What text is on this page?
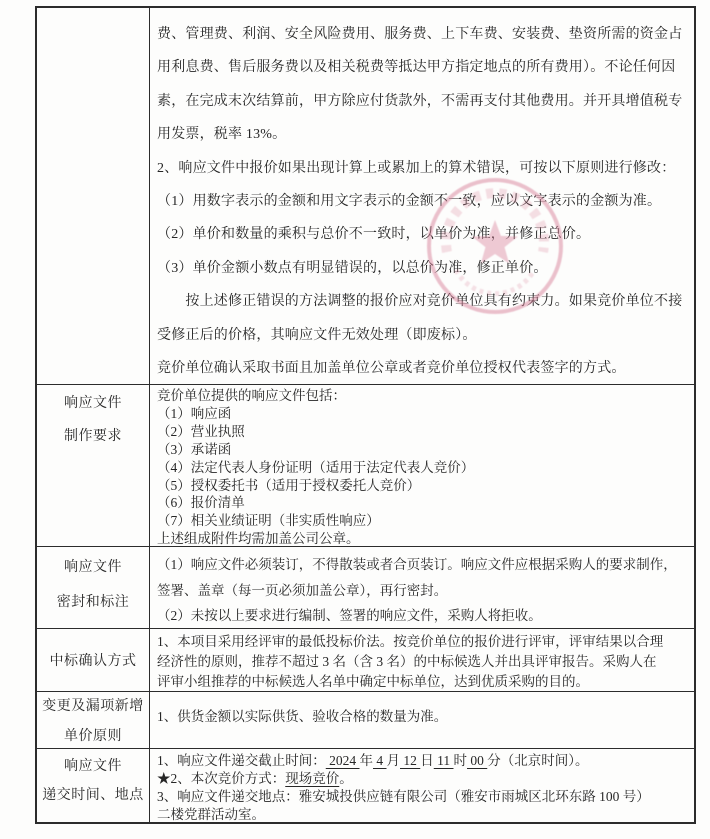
费、管理费、利润、安全风险费用、服务费、上下车费、安装费、垫资所需的资金占
用利息费、售后服务费以及相关税费等抵达甲方指定地点的所有费用）。不论任何因
素，在完成末次结算前，甲方除应付货款外，不需再支付其他费用。并开具增值税专
用发票，税率 13%。
2、响应文件中报价如果出现计算上或累加上的算术错误，可按以下原则进行修改：
（1）用数字表示的金额和用文字表示的金额不一致，应以文字表示的金额为准。
（2）单价和数量的乘积与总价不一致时，以单价为准，并修正总价。
（3）单价金额小数点有明显错误的，以总价为准，修正单价。
　　按上述修正错误的方法调整的报价应对竞价单位具有约束力。如果竞价单位不接
受修正后的价格，其响应文件无效处理（即废标）。
竞价单位确认采取书面且加盖单位公章或者竞价单位授权代表签字的方式。
响应文件
制作要求
竞价单位提供的响应文件包括：
（1）响应函
（2）营业执照
（3）承诺函
（4）法定代表人身份证明（适用于法定代表人竞价）
（5）授权委托书（适用于授权委托人竞价）
（6）报价清单
（7）相关业绩证明（非实质性响应）
上述组成附件均需加盖公司公章。
响应文件
密封和标注
（1）响应文件必须装订，不得散装或者合页装订。响应文件应根据采购人的要求制作，
签署、盖章（每一页必须加盖公章），再行密封。
（2）未按以上要求进行编制、签署的响应文件，采购人将拒收。
中标确认方式
1、本项目采用经评审的最低投标价法。按竞价单位的报价进行评审，评审结果以合理
经济性的原则，推荐不超过 3 名（含 3 名）的中标候选人并出具评审报告。采购人在
评审小组推荐的中标候选人名单中确定中标单位，达到优质采购的目的。
变更及漏项新增
单价原则
1、供货金额以实际供货、验收合格的数量为准。
响应文件
递交时间、地点
1、响应文件递交截止时间： 2024 年 4 月 12 日 11 时 00 分（北京时间）。
★2、本次竞价方式：现场竞价。
3、响应文件递交地点：雅安城投供应链有限公司（雅安市雨城区北环东路 100 号）
二楼党群活动室。
